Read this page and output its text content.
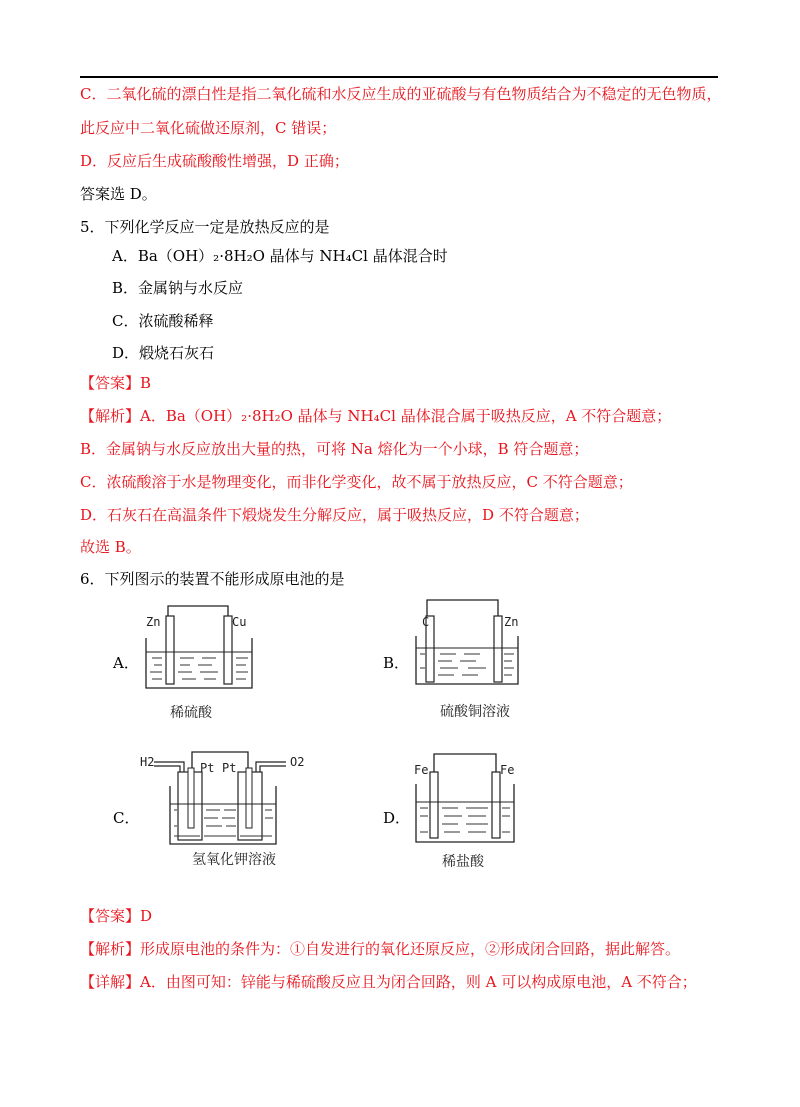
C．二氧化硫的漂白性是指二氧化硫和水反应生成的亚硫酸与有色物质结合为不稳定的无色物质，
此反应中二氧化硫做还原剂，C 错误；
D．反应后生成硫酸酸性增强，D 正确；
答案选 D。
5．下列化学反应一定是放热反应的是
A．Ba（OH）₂·8H₂O 晶体与 NH₄Cl 晶体混合时
B．金属钠与水反应
C．浓硫酸稀释
D．煅烧石灰石
【答案】B
【解析】A．Ba（OH）₂·8H₂O 晶体与 NH₄Cl 晶体混合属于吸热反应，A 不符合题意；
B．金属钠与水反应放出大量的热，可将 Na 熔化为一个小球，B 符合题意；
C．浓硫酸溶于水是物理变化，而非化学变化，故不属于放热反应，C 不符合题意；
D．石灰石在高温条件下煅烧发生分解反应，属于吸热反应，D 不符合题意；
故选 B。
6．下列图示的装置不能形成原电池的是
A．
Zn	Cu
稀硫酸
B．
C	Zn
硫酸铜溶液
C．
H2	Pt Pt	O2
氢氧化钾溶液
D．
Fe	Fe
稀盐酸
【答案】D
【解析】形成原电池的条件为：①自发进行的氧化还原反应，②形成闭合回路，据此解答。
【详解】A．由图可知：锌能与稀硫酸反应且为闭合回路，则 A 可以构成原电池，A 不符合；
